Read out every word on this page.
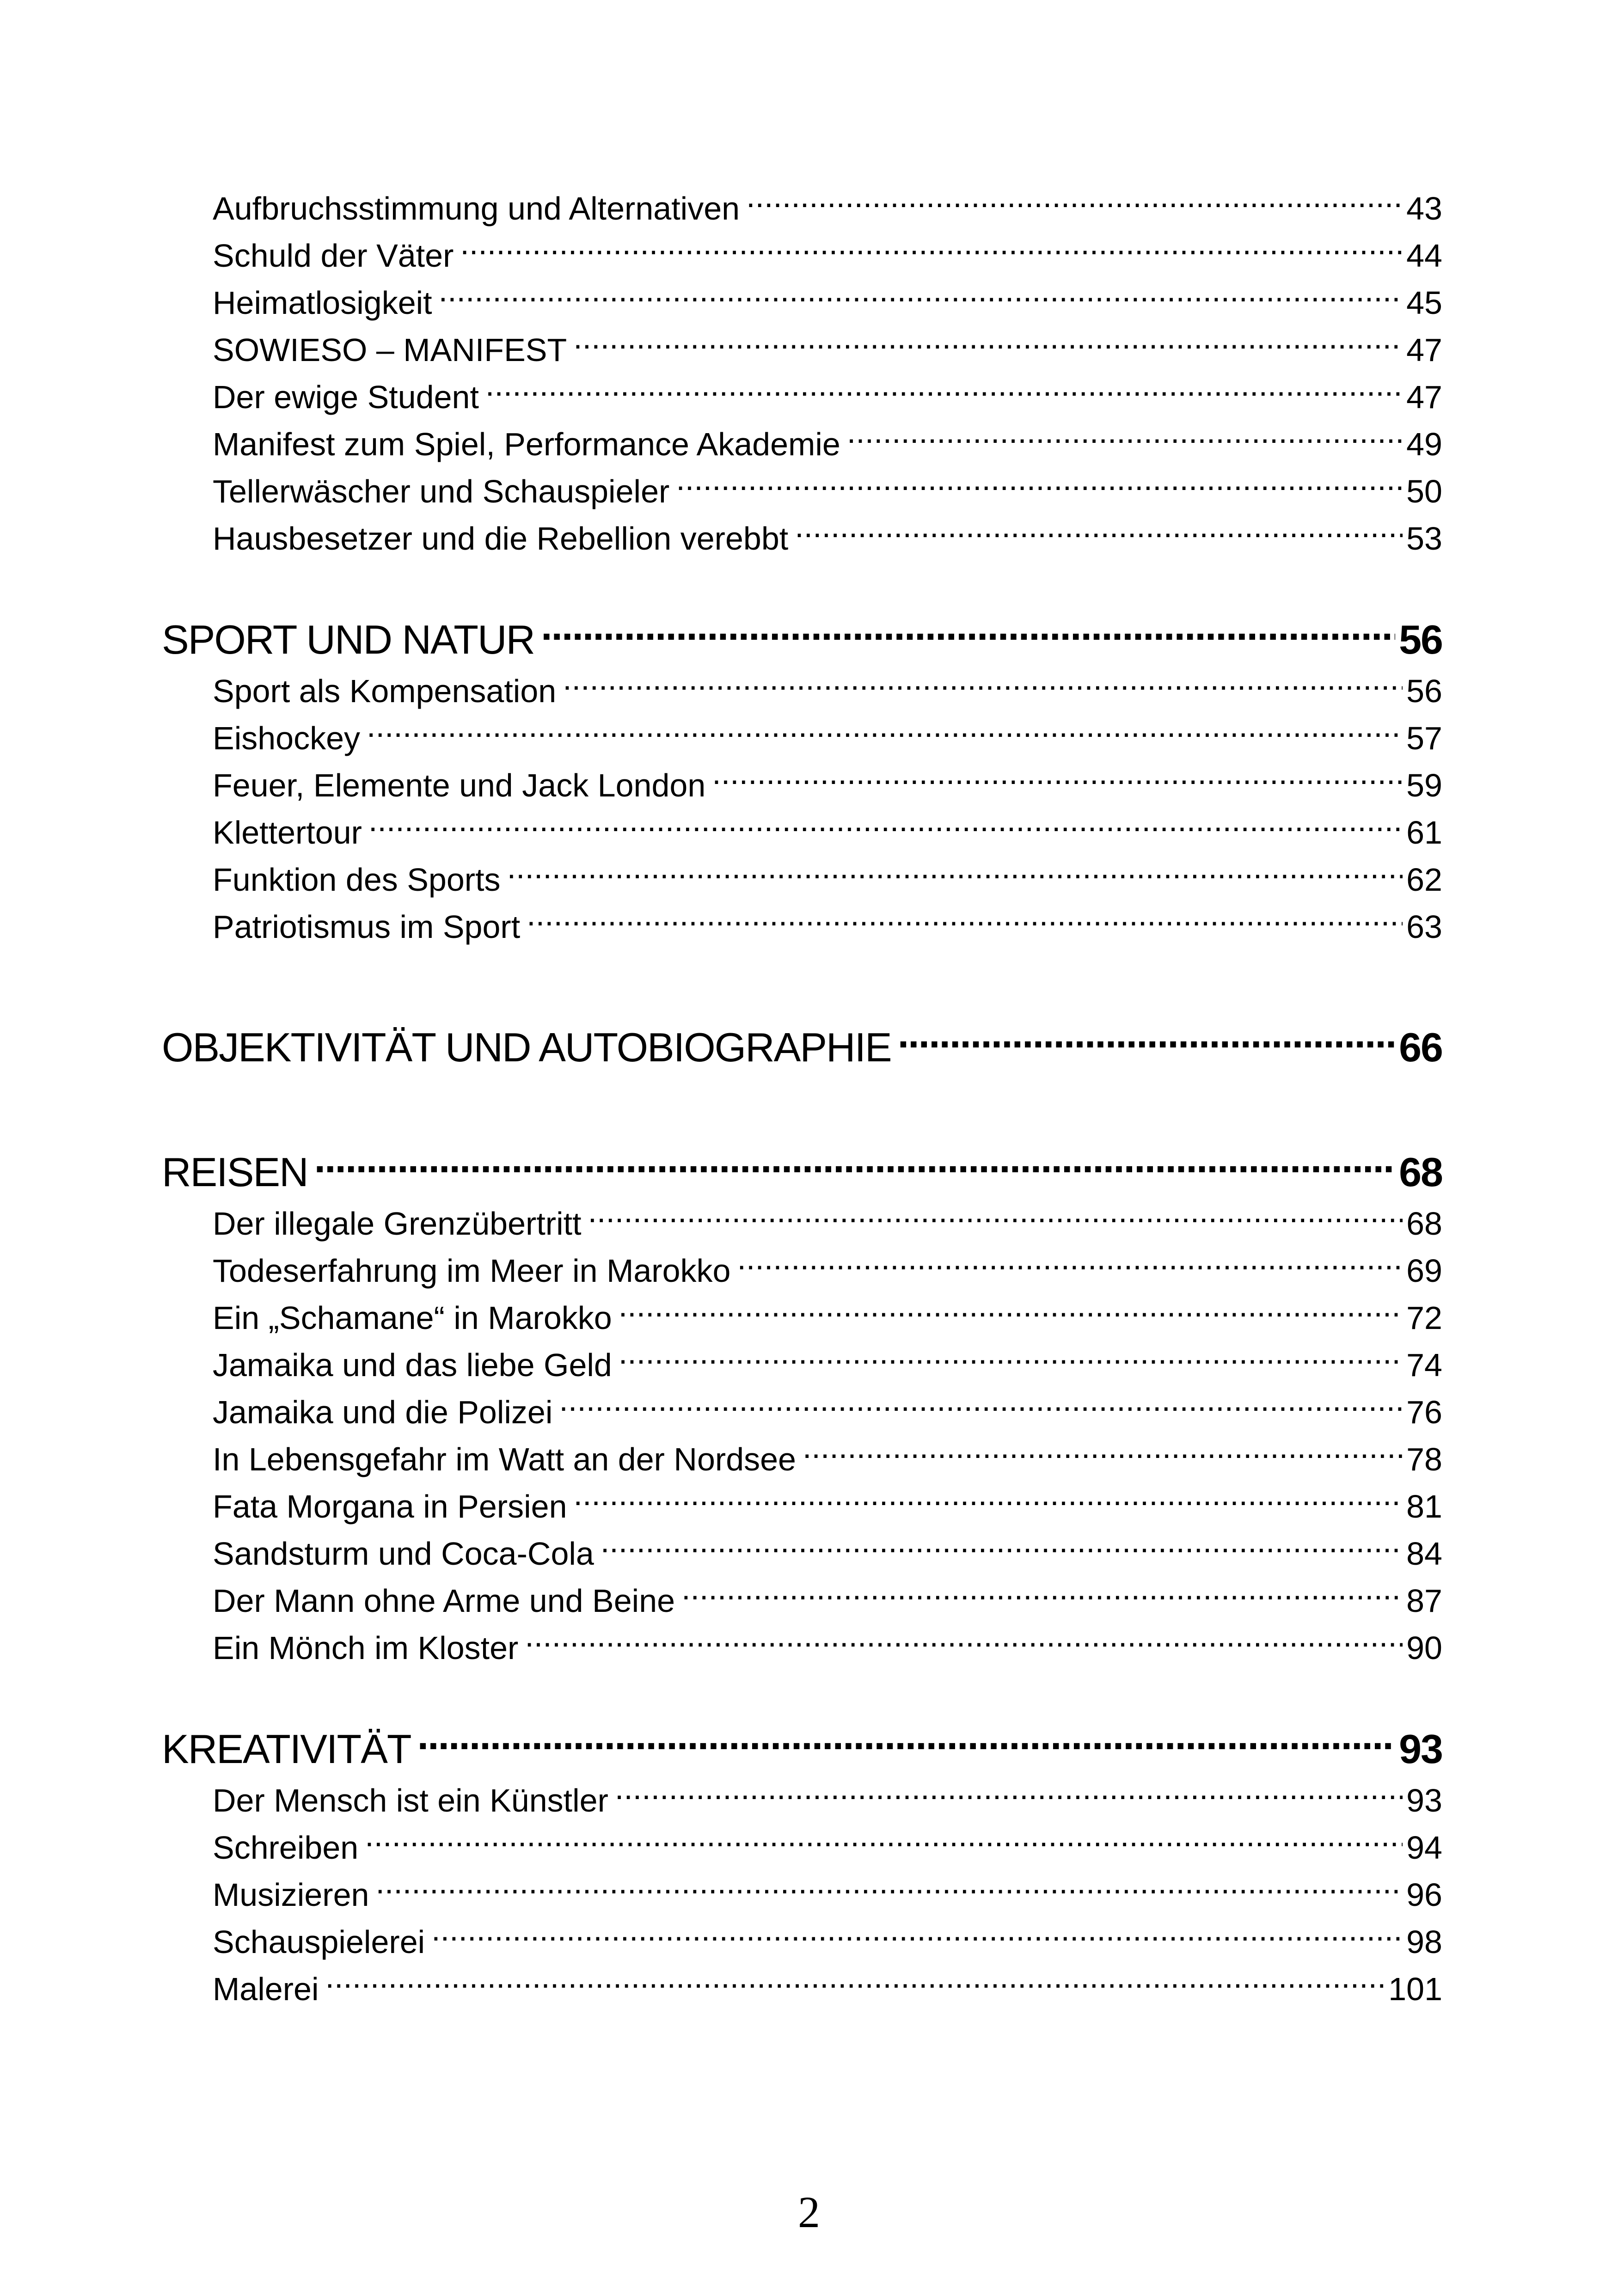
Aufbruchsstimmung und Alternativen .....	43
Schuld der Väter .....	44
Heimatlosigkeit .....	45
SOWIESO – MANIFEST .....	47
Der ewige Student .....	47
Manifest zum Spiel, Performance Akademie .....	49
Tellerwäscher und Schauspieler .....	50
Hausbesetzer und die Rebellion verebbt .....	53
SPORT UND NATUR .....	56
Sport als Kompensation .....	56
Eishockey .....	57
Feuer, Elemente und Jack London .....	59
Klettertour .....	61
Funktion des Sports .....	62
Patriotismus im Sport .....	63
OBJEKTIVITÄT UND AUTOBIOGRAPHIE .....	66
REISEN .....	68
Der illegale Grenzübertritt .....	68
Todeserfahrung im Meer in Marokko .....	69
Ein „Schamane“ in Marokko .....	72
Jamaika und das liebe Geld .....	74
Jamaika und die Polizei .....	76
In Lebensgefahr im Watt an der Nordsee .....	78
Fata Morgana in Persien .....	81
Sandsturm und Coca-Cola .....	84
Der Mann ohne Arme und Beine .....	87
Ein Mönch im Kloster .....	90
KREATIVITÄT .....	93
Der Mensch ist ein Künstler .....	93
Schreiben .....	94
Musizieren .....	96
Schauspielerei .....	98
Malerei .....	101
2
